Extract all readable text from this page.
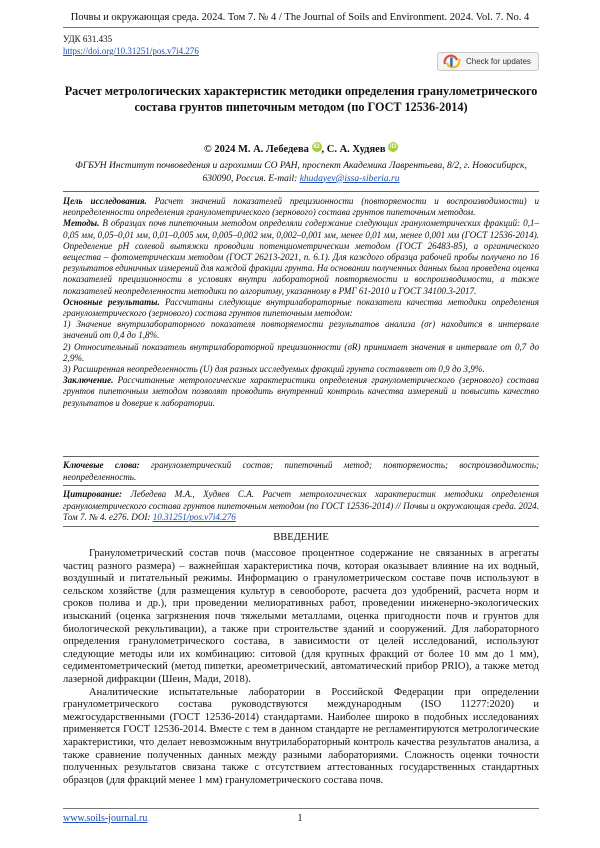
Почвы и окружающая среда. 2024. Том 7. № 4 / The Journal of Soils and Environment. 2024. Vol. 7. No. 4
УДК 631.435
https://doi.org/10.31251/pos.v7i4.276
Check for updates
Расчет метрологических характеристик методики определения гранулометрического состава грунтов пипеточным методом (по ГОСТ 12536-2014)
© 2024 М. А. Лебедева iD , С. А. Худяев iD
ФГБУН Институт почвоведения и агрохимии СО РАН, проспект Академика Лаврентьева, 8/2, г. Новосибирск, 630090, Россия. E-mail: khudayev@issa-siberia.ru

Цель исследования. Расчет значений показателей прецизионности (повторяемости и воспроизводимости) и неопределенности определения гранулометрического (зернового) состава грунтов пипеточным методом.

Методы. В образцах почв пипеточным методом определяли содержание следующих гранулометрических фракций: 0,1–0,05 мм, 0,05–0,01 мм, 0,01–0,005 мм, 0,005–0,002 мм, 0,002–0,001 мм, менее 0,01 мм, менее 0,001 мм (ГОСТ 12536-2014). Определение pH солевой вытяжки проводили потенциометрическим методом (ГОСТ 26483-85), а органического вещества – фотометрическим методом (ГОСТ 26213-2021, п. 6.1). Для каждого образца рабочей пробы получено по 16 результатов единичных измерений для каждой фракции грунта. На основании полученных данных была проведена оценка показателей прецизионности в условиях внутри лабораторной повторяемости и воспроизводимости, а также показателей неопределенности методики по алгоритму, указанному в РМГ 61-2010 и ГОСТ 34100.3-2017.

Основные результаты. Рассчитаны следующие внутрилабораторные показатели качества методики определения гранулометрического (зернового) состава грунтов пипеточным методом:

1) Значение внутрилабораторного показателя повторяемости результатов анализа (σr) находится в интервале значений от 0,4 до 1,8%.

2) Относительный показатель внутрилабораторной прецизионности (σR) принимает значения в интервале от 0,7 до 2,9%.

3) Расширенная неопределенность (U) для разных исследуемых фракций грунта составляет от 0,9 до 3,9%.

Заключение. Рассчитанные метрологические характеристики определения гранулометрического (зернового) состава грунтов пипеточным методом позволят проводить внутренний контроль качества измерений и повысить качество результатов и доверие к лаборатории.

Ключевые слова: гранулометрический состав; пипеточный метод; повторяемость; воспроизводимость; неопределенность.
Цитирование: Лебедева М.А., Худяев С.А. Расчет метрологических характеристик методики определения гранулометрического состава грунтов пипеточным методом (по ГОСТ 12536-2014) // Почвы и окружающая среда. 2024. Том 7. № 4. e276. DOI: 10.31251/pos.v7i4.276
ВВЕДЕНИЕ

Гранулометрический состав почв (массовое процентное содержание не связанных в агрегаты частиц разного размера) – важнейшая характеристика почв, которая оказывает влияние на их водный, воздушный и питательный режимы. Информацию о гранулометрическом составе почв используют в сельском хозяйстве (для размещения культур в севообороте, расчета доз удобрений, расчета норм и сроков полива и др.), при проведении мелиоративных работ, проведении инженерно-экологических изысканий (оценка загрязнения почв тяжелыми металлами, оценка пригодности почв и грунтов для биологической рекультивации), а также при строительстве зданий и сооружений. Для лабораторного определения гранулометрического состава, в зависимости от целей исследований, используют следующие методы или их комбинацию: ситовой (для крупных фракций от более 10 мм до 1 мм), седиментометрический (метод пипетки, ареометрический, автоматический прибор PRIO), а также метод лазерной дифракции (Шеин, Мади, 2018).

Аналитические испытательные лаборатории в Российской Федерации при определении гранулометрического состава руководствуются международным (ISO 11277:2020) и межгосударственными (ГОСТ 12536-2014) стандартами. Наиболее широко в подобных исследованиях применяется ГОСТ 12536-2014. Вместе с тем в данном стандарте не регламентируются метрологические характеристики, что делает невозможным внутрилабораторный контроль качества результатов анализа, а также сравнение полученных данных между разными лабораториями. Сложность оценки точности полученных результатов связана также с отсутствием аттестованных государственных стандартных образцов (для фракций менее 1 мм) гранулометрического состава почв.

www.soils-journal.ru	1
